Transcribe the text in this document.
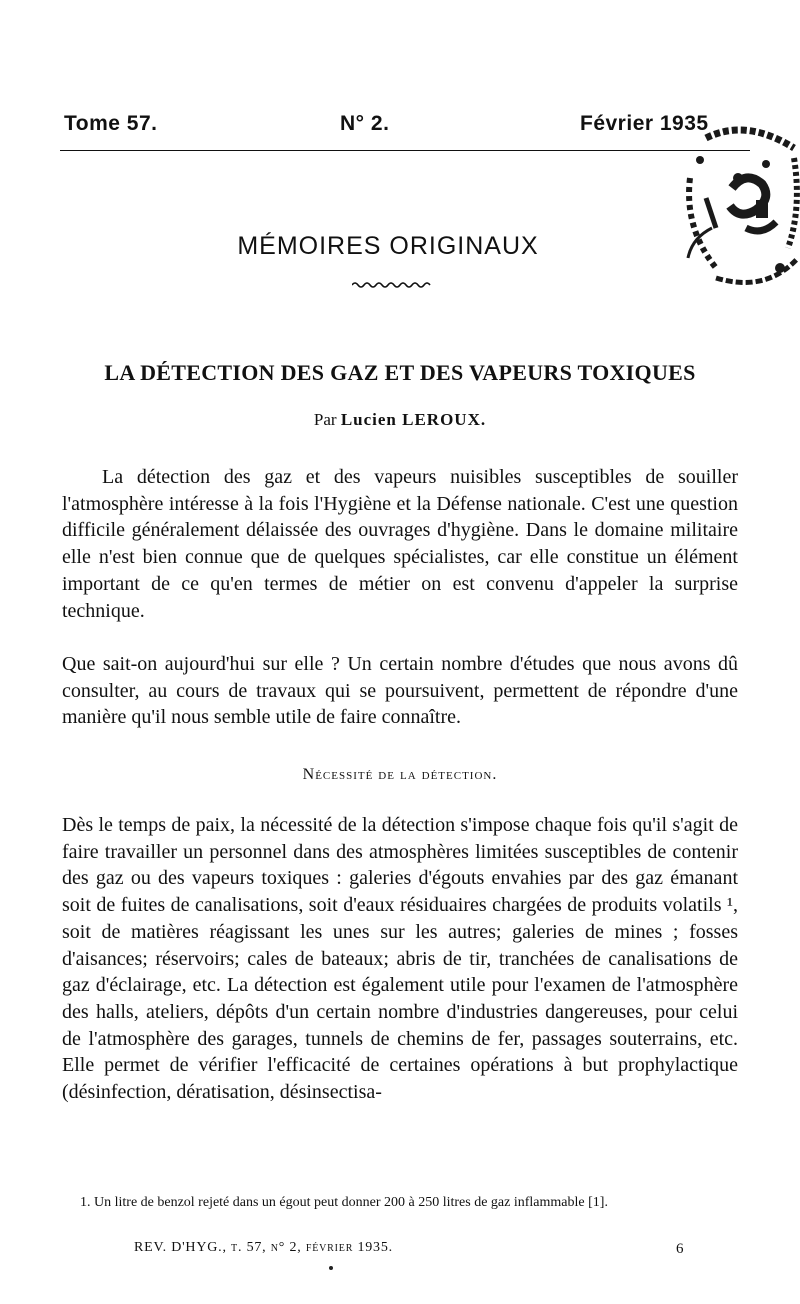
Tome 57.	N° 2.	Février 1935
MÉMOIRES ORIGINAUX
LA DÉTECTION DES GAZ ET DES VAPEURS TOXIQUES
Par Lucien LEROUX.

La détection des gaz et des vapeurs nuisibles susceptibles de souiller l'atmosphère intéresse à la fois l'Hygiène et la Défense nationale. C'est une question difficile généralement délaissée des ouvrages d'hygiène. Dans le domaine militaire elle n'est bien connue que de quelques spécialistes, car elle constitue un élément important de ce qu'en termes de métier on est convenu d'appeler la surprise technique.

Que sait-on aujourd'hui sur elle ? Un certain nombre d'études que nous avons dû consulter, au cours de travaux qui se poursuivent, permettent de répondre d'une manière qu'il nous semble utile de faire connaître.

Nécessité de la détection.

Dès le temps de paix, la nécessité de la détection s'impose chaque fois qu'il s'agit de faire travailler un personnel dans des atmosphères limitées susceptibles de contenir des gaz ou des vapeurs toxiques : galeries d'égouts envahies par des gaz émanant soit de fuites de canalisations, soit d'eaux résiduaires chargées de produits volatils ¹, soit de matières réagissant les unes sur les autres; galeries de mines ; fosses d'aisances; réservoirs; cales de bateaux; abris de tir, tranchées de canalisations de gaz d'éclairage, etc. La détection est également utile pour l'examen de l'atmosphère des halls, ateliers, dépôts d'un certain nombre d'industries dangereuses, pour celui de l'atmosphère des garages, tunnels de chemins de fer, passages souterrains, etc. Elle permet de vérifier l'efficacité de certaines opérations à but prophylactique (désinfection, dératisation, désinsectisa-

1. Un litre de benzol rejeté dans un égout peut donner 200 à 250 litres de gaz inflammable [1].

REV. D'HYG., t. 57, n° 2, février 1935.	6
